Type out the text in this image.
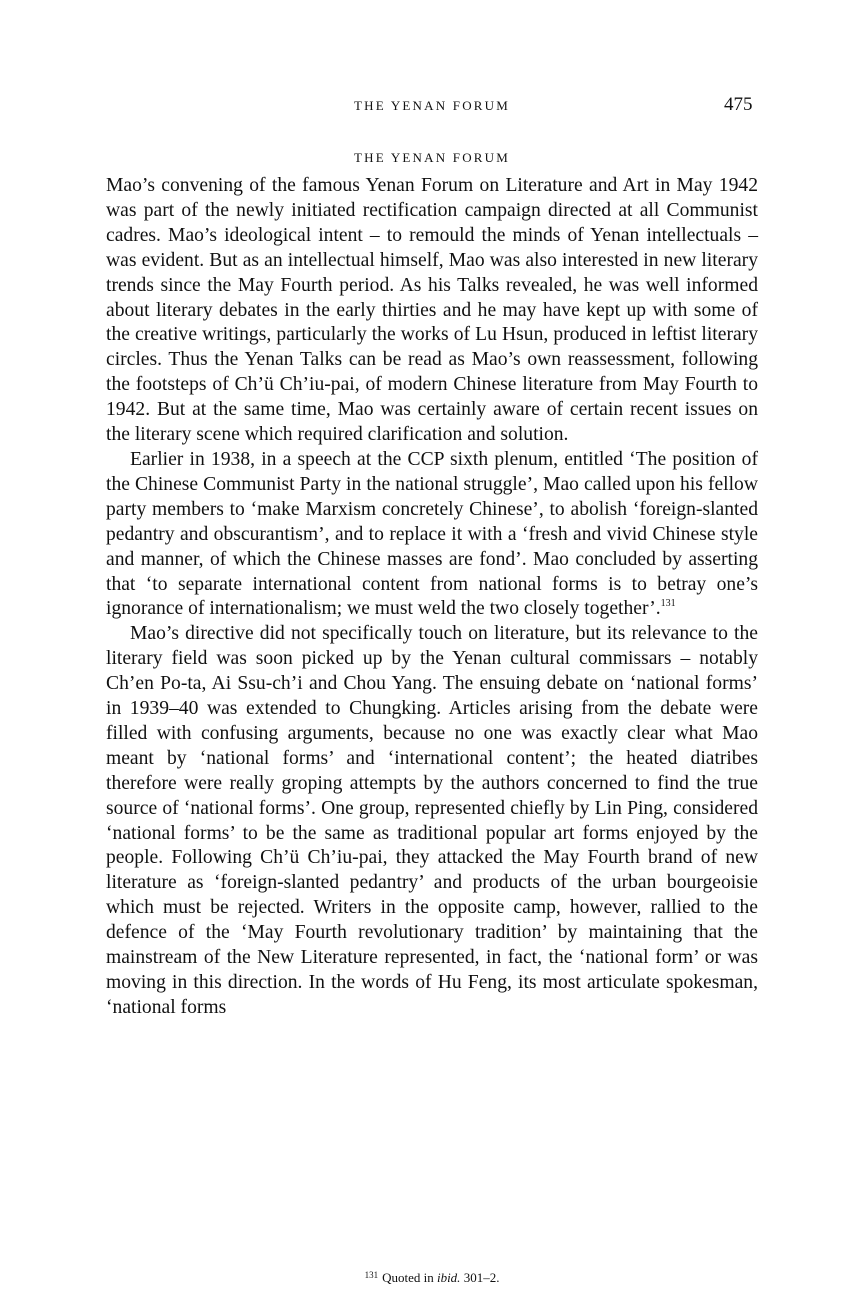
THE YENAN FORUM	475
THE YENAN FORUM

Mao’s convening of the famous Yenan Forum on Literature and Art in May 1942 was part of the newly initiated rectification campaign directed at all Communist cadres. Mao’s ideological intent – to remould the minds of Yenan intellectuals – was evident. But as an intellectual himself, Mao was also interested in new literary trends since the May Fourth period. As his Talks revealed, he was well informed about literary debates in the early thirties and he may have kept up with some of the creative writings, particularly the works of Lu Hsun, produced in leftist literary circles. Thus the Yenan Talks can be read as Mao’s own reassessment, following the footsteps of Ch’ü Ch’iu-pai, of modern Chinese literature from May Fourth to 1942. But at the same time, Mao was certainly aware of certain recent issues on the literary scene which required clarification and solution.

Earlier in 1938, in a speech at the CCP sixth plenum, entitled ‘The position of the Chinese Communist Party in the national struggle’, Mao called upon his fellow party members to ‘make Marxism concretely Chinese’, to abolish ‘foreign-slanted pedantry and obscurantism’, and to replace it with a ‘fresh and vivid Chinese style and manner, of which the Chinese masses are fond’. Mao concluded by asserting that ‘to separate international content from national forms is to betray one’s ignorance of internationalism; we must weld the two closely together’.$^{131}$

Mao’s directive did not specifically touch on literature, but its relevance to the literary field was soon picked up by the Yenan cultural commissars – notably Ch’en Po-ta, Ai Ssu-ch’i and Chou Yang. The ensuing debate on ‘national forms’ in 1939–40 was extended to Chungking. Articles arising from the debate were filled with confusing arguments, because no one was exactly clear what Mao meant by ‘national forms’ and ‘international content’; the heated diatribes therefore were really groping attempts by the authors concerned to find the true source of ‘national forms’. One group, represented chiefly by Lin Ping, considered ‘national forms’ to be the same as traditional popular art forms enjoyed by the people. Following Ch’ü Ch’iu-pai, they attacked the May Fourth brand of new literature as ‘foreign-slanted pedantry’ and products of the urban bourgeoisie which must be rejected. Writers in the opposite camp, however, rallied to the defence of the ‘May Fourth revolutionary tradition’ by maintaining that the mainstream of the New Literature represented, in fact, the ‘national form’ or was moving in this direction. In the words of Hu Feng, its most articulate spokesman, ‘national forms

$^{131}$ Quoted in ibid. 301–2.
